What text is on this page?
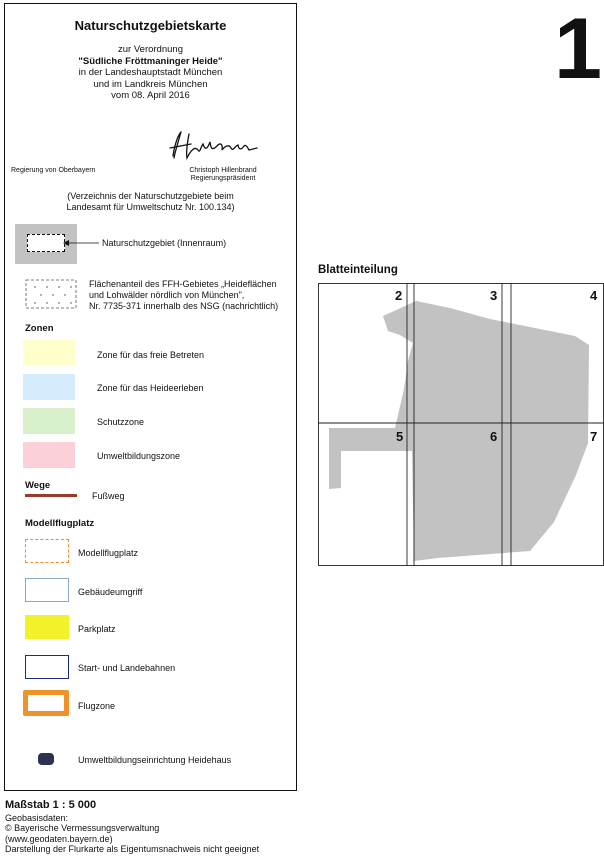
1
Naturschutzgebietskarte
zur Verordnung
"Südliche Fröttmaninger Heide"
in der Landeshauptstadt München
und im Landkreis München
vom 08. April 2016
Regierung von Oberbayern	Christoph Hillenbrand
Regierungspräsident
(Verzeichnis der Naturschutzgebiete beim
Landesamt für Umweltschutz Nr. 100.134)
Naturschutzgebiet (Innenraum)
Flächenanteil des FFH-Gebietes „Heideflächen
und Lohwälder nördlich von München",
Nr. 7735-371 innerhalb des NSG (nachrichtlich)
Zonen
Zone für das freie Betreten
Zone für das Heideerleben
Schutzzone
Umweltbildungszone
Wege
Fußweg
Modellflugplatz
Modellflugplatz
Gebäudeumgriff
Parkplatz
Start- und Landebahnen
Flugzone
Umweltbildungseinrichtung Heidehaus
Blatteinteilung
2	3	4
5	6	7
Maßstab 1 : 5 000
Geobasisdaten:
© Bayerische Vermessungsverwaltung
(www.geodaten.bayern.de)
Darstellung der Flurkarte als Eigentumsnachweis nicht geeignet
